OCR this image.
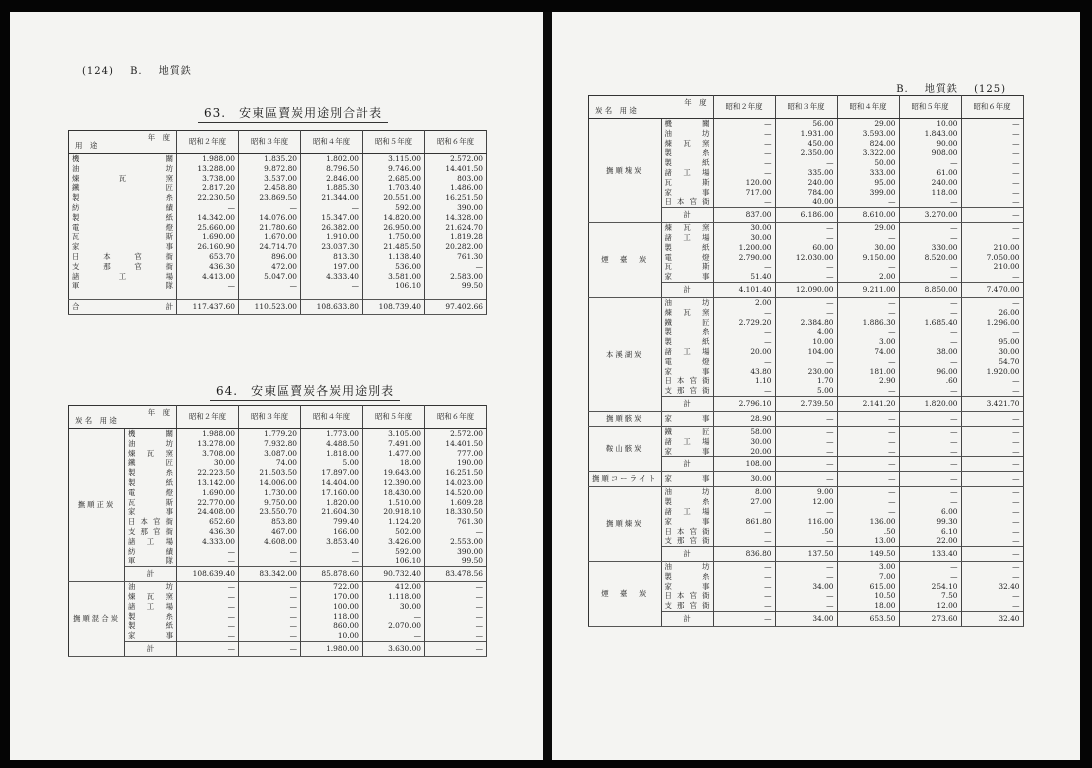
(124) B. 地質鉄
63.　安東區賣炭用途別合計表
年　 度
用　 途	昭和２年度	昭和３年度	昭和４年度	昭和５年度	昭和６年度
機　　　　　關	1.988.00	1.835.20	1.802.00	3.115.00	2.572.00
油　　　　　坊	13.288.00	9.872.80	8.796.50	9.746.00	14.401.50
煉　　瓦　　窯	3.738.00	3.537.00	2.846.00	2.685.00	803.00
鐵　　　　　匠	2.817.20	2.458.80	1.885.30	1.703.40	1.486.00
製　　　　　糸	22.230.50	23.869.50	21.344.00	20.551.00	16.251.50
紡　　　　　績	—	—	—	592.00	390.00
製　　　　　紙	14.342.00	14.076.00	15.347.00	14.820.00	14.328.00
電　　　　　燈	25.660.00	21.780.60	26.382.00	26.950.00	21.624.70
瓦　　　　　斯	1.690.00	1.670.00	1.910.00	1.750.00	1.819.28
家　　　　　事	26.160.90	24.714.70	23.037.30	21.485.50	20.282.00
日　本　官　衙	653.70	896.00	813.30	1.138.40	761.30
支　那　官　衙	436.30	472.00	197.00	536.00	—
諸　　工　　場	4.413.00	5.047.00	4.333.40	3.581.00	2.583.00
軍　　　　　隊	—	—	—	106.10	99.50

合　　　　　計	117.437.60	110.523.00	108.633.80	108.739.40	97.402.66
64.　安東區賣炭各炭用途別表
年　 度
炭 名　 用 途		昭和２年度	昭和３年度	昭和４年度	昭和５年度	昭和６年度
撫順正炭	機　　關	1.988.00	1.779.20	1.773.00	3.105.00	2.572.00
	油　　坊	13.278.00	7.932.80	4.488.50	7.491.00	14.401.50
	煉 瓦 窯	3.708.00	3.087.00	1.818.00	1.477.00	777.00
	鐵　　匠	30.00	74.00	5.00	18.00	190.00
	製　　糸	22.223.50	21.503.50	17.897.00	19.643.00	16.251.50
	製　　紙	13.142.00	14.006.00	14.404.00	12.390.00	14.023.00
	電　　燈	1.690.00	1.730.00	17.160.00	18.430.00	14.520.00
	瓦　　斯	22.770.00	9.750.00	1.820.00	1.510.00	1.609.28
	家　　事	24.408.00	23.550.70	21.604.30	20.918.10	18.330.50
	日本官衙	652.60	853.80	799.40	1.124.20	761.30
	支那官衙	436.30	467.00	166.00	502.00	—
	諸 工 場	4.333.00	4.608.00	3.853.40	3.426.00	2.553.00
	紡　　績	—	—	—	592.00	390.00
	軍　　隊	—	—	—	106.10	99.50
	計	108.639.40	83.342.00	85.878.60	90.732.40	83.478.56
撫順混合炭	油　　坊	—	—	722.00	412.00	—
	煉 瓦 窯	—	—	170.00	1.118.00	—
	諸 工 場	—	—	100.00	30.00	—
	製　　糸	—	—	118.00	—	—
	製　　紙	—	—	860.00	2.070.00	—
	家　　事	—	—	10.00	—	—
	計	—	—	1.980.00	3.630.00	—
B. 地質鉄 (125)
年　 度
炭 名　 用 途		昭和２年度	昭和３年度	昭和４年度	昭和５年度	昭和６年度
撫順塊炭	機　　關	—	56.00	29.00	10.00	—
	油　　坊	—	1.931.00	3.593.00	1.843.00	—
	煉 瓦 窯	—	450.00	824.00	90.00	—
	製　　糸	—	2.350.00	3.322.00	908.00	—
	製　　紙	—	—	50.00	—	—
	諸 工 場	—	335.00	333.00	61.00	—
	瓦　　斯	120.00	240.00	95.00	240.00	—
	家　　事	717.00	784.00	399.00	118.00	—
	日本官衙	—	40.00	—	—	—
	計	837.00	6.186.00	8.610.00	3.270.00	—
煙　臺　炭	煉 瓦 窯	30.00	—	29.00	—	—
	諸 工 場	30.00	—	—	—	—
	製　　紙	1.200.00	60.00	30.00	330.00	210.00
	電　　燈	2.790.00	12.030.00	9.150.00	8.520.00	7.050.00
	瓦　　斯	—	—	—	—	210.00
	家　　事	51.40	—	2.00	—	—
	計	4.101.40	12.090.00	9.211.00	8.850.00	7.470.00
本溪湖炭	油　　坊	2.00	—	—	—	—
	煉 瓦 窯	—	—	—	—	26.00
	鐵　　匠	2.729.20	2.384.80	1.886.30	1.685.40	1.296.00
	製　　糸	—	4.00	—	—	—
	製　　紙	—	10.00	3.00	—	95.00
	諸 工 場	20.00	104.00	74.00	38.00	30.00
	電　　燈	—	—	—	—	54.70
	家　　事	43.80	230.00	181.00	96.00	1.920.00
	日本官衙	1.10	1.70	2.90	.60	—
	支那官衙	—	5.00	—	—	—
	計	2.796.10	2.739.50	2.141.20	1.820.00	3.421.70
撫順骸炭	家　　事	28.90	—	—	—	—
鞍山骸炭	鐵　　匠	58.00	—	—	—	—
	諸 工 場	30.00	—	—	—	—
	家　　事	20.00	—	—	—	—
	計	108.00	—	—	—	—
撫順コーライト	家　　事	30.00	—	—	—	—
撫順煉炭	油　　坊	8.00	9.00	—	—	—
	製　　糸	27.00	12.00	—	—	—
	諸 工 場	—	—	—	6.00	—
	家　　事	861.80	116.00	136.00	99.30	—
	日本官衙	—	.50	.50	6.10	—
	支那官衙	—	—	13.00	22.00	—
	計	836.80	137.50	149.50	133.40	—
煙　臺　炭	油　　坊	—	—	3.00	—	—
	製　　糸	—	—	7.00	—	—
	家　　事	—	34.00	615.00	254.10	32.40
	日本官衙	—	—	10.50	7.50	—
	支那官衙	—	—	18.00	12.00	—
	計	—	34.00	653.50	273.60	32.40
